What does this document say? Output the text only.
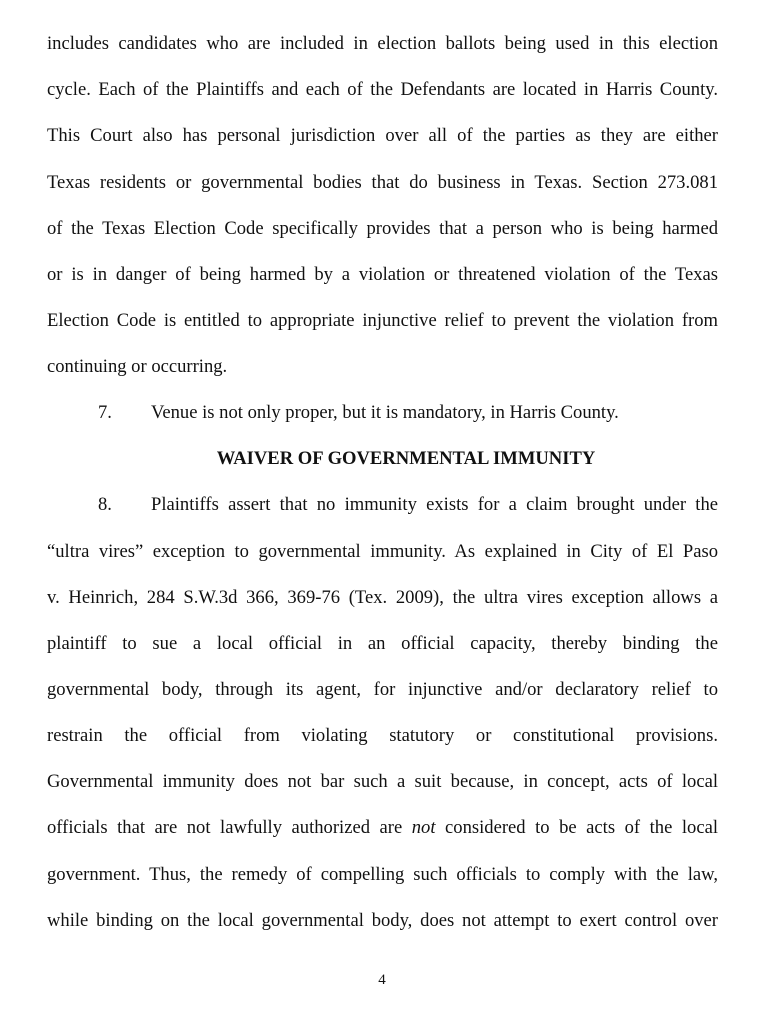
includes candidates who are included in election ballots being used in this election
cycle. Each of the Plaintiffs and each of the Defendants are located in Harris County.
This Court also has personal jurisdiction over all of the parties as they are either
Texas residents or governmental bodies that do business in Texas. Section 273.081
of the Texas Election Code specifically provides that a person who is being harmed
or is in danger of being harmed by a violation or threatened violation of the Texas
Election Code is entitled to appropriate injunctive relief to prevent the violation from
continuing or occurring.
7. Venue is not only proper, but it is mandatory, in Harris County.
WAIVER OF GOVERNMENTAL IMMUNITY
8. Plaintiffs assert that no immunity exists for a claim brought under the
“ultra vires” exception to governmental immunity. As explained in City of El Paso
v. Heinrich, 284 S.W.3d 366, 369-76 (Tex. 2009), the ultra vires exception allows a
plaintiff to sue a local official in an official capacity, thereby binding the
governmental body, through its agent, for injunctive and/or declaratory relief to
restrain the official from violating statutory or constitutional provisions.
Governmental immunity does not bar such a suit because, in concept, acts of local
officials that are not lawfully authorized are not considered to be acts of the local
government. Thus, the remedy of compelling such officials to comply with the law,
while binding on the local governmental body, does not attempt to exert control over
4
